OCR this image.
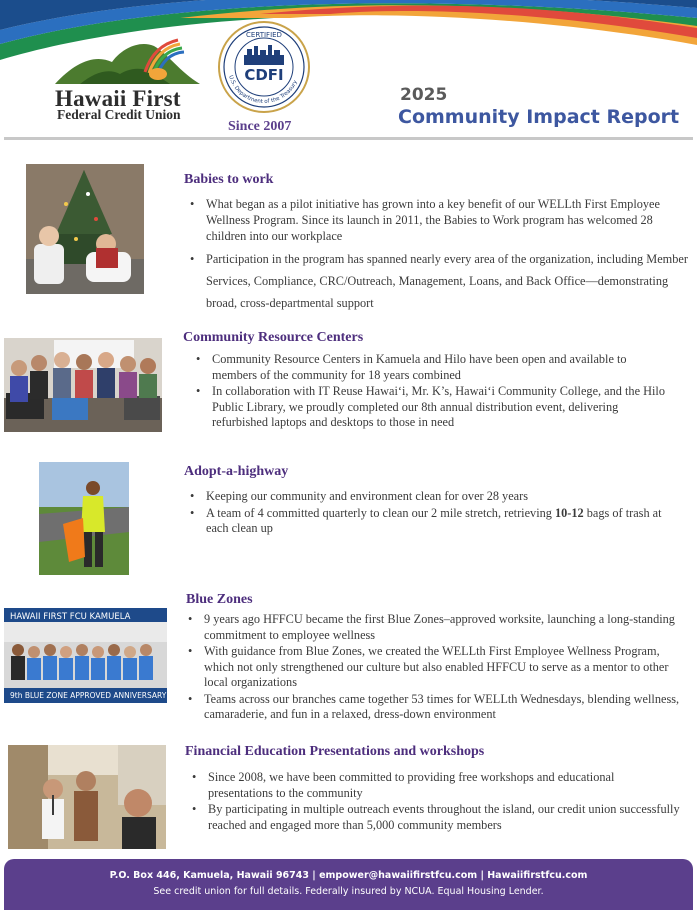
Hawaii First
Federal Credit Union
CERTIFIED
CDFI
U.S. Department of the Treasury
Since 2007
2025
Community Impact Report
Babies to work
• What began as a pilot initiative has grown into a key benefit of our WELLth First Employee Wellness Program. Since its launch in 2011, the Babies to Work program has welcomed 28 children into our workplace
• Participation in the program has spanned nearly every area of the organization, including Member Services, Compliance, CRC/Outreach, Management, Loans, and Back Office—demonstrating broad, cross-departmental support
Community Resource Centers
• Community Resource Centers in Kamuela and Hilo have been open and available to members of the community for 18 years combined
• In collaboration with IT Reuse Hawaiʻi, Mr. K’s, Hawaiʻi Community College, and the Hilo Public Library, we proudly completed our 8th annual distribution event, delivering refurbished laptops and desktops to those in need
Adopt-a-highway
• Keeping our community and environment clean for over 28 years
• A team of 4 committed quarterly to clean our 2 mile stretch, retrieving 10-12 bags of trash at each clean up
HAWAII FIRST FCU KAMUELA
9th BLUE ZONE APPROVED ANNIVERSARY
Blue Zones
• 9 years ago HFFCU became the first Blue Zones–approved worksite, launching a long-standing commitment to employee wellness
• With guidance from Blue Zones, we created the WELLth First Employee Wellness Program, which not only strengthened our culture but also enabled HFFCU to serve as a mentor to other local organizations
• Teams across our branches came together 53 times for WELLth Wednesdays, blending wellness, camaraderie, and fun in a relaxed, dress-down environment
Financial Education Presentations and workshops
• Since 2008, we have been committed to providing free workshops and educational presentations to the community
• By participating in multiple outreach events throughout the island, our credit union successfully reached and engaged more than 5,000 community members
P.O. Box 446, Kamuela, Hawaii 96743 | empower@hawaiifirstfcu.com | Hawaiifirstfcu.com
See credit union for full details. Federally insured by NCUA. Equal Housing Lender.
